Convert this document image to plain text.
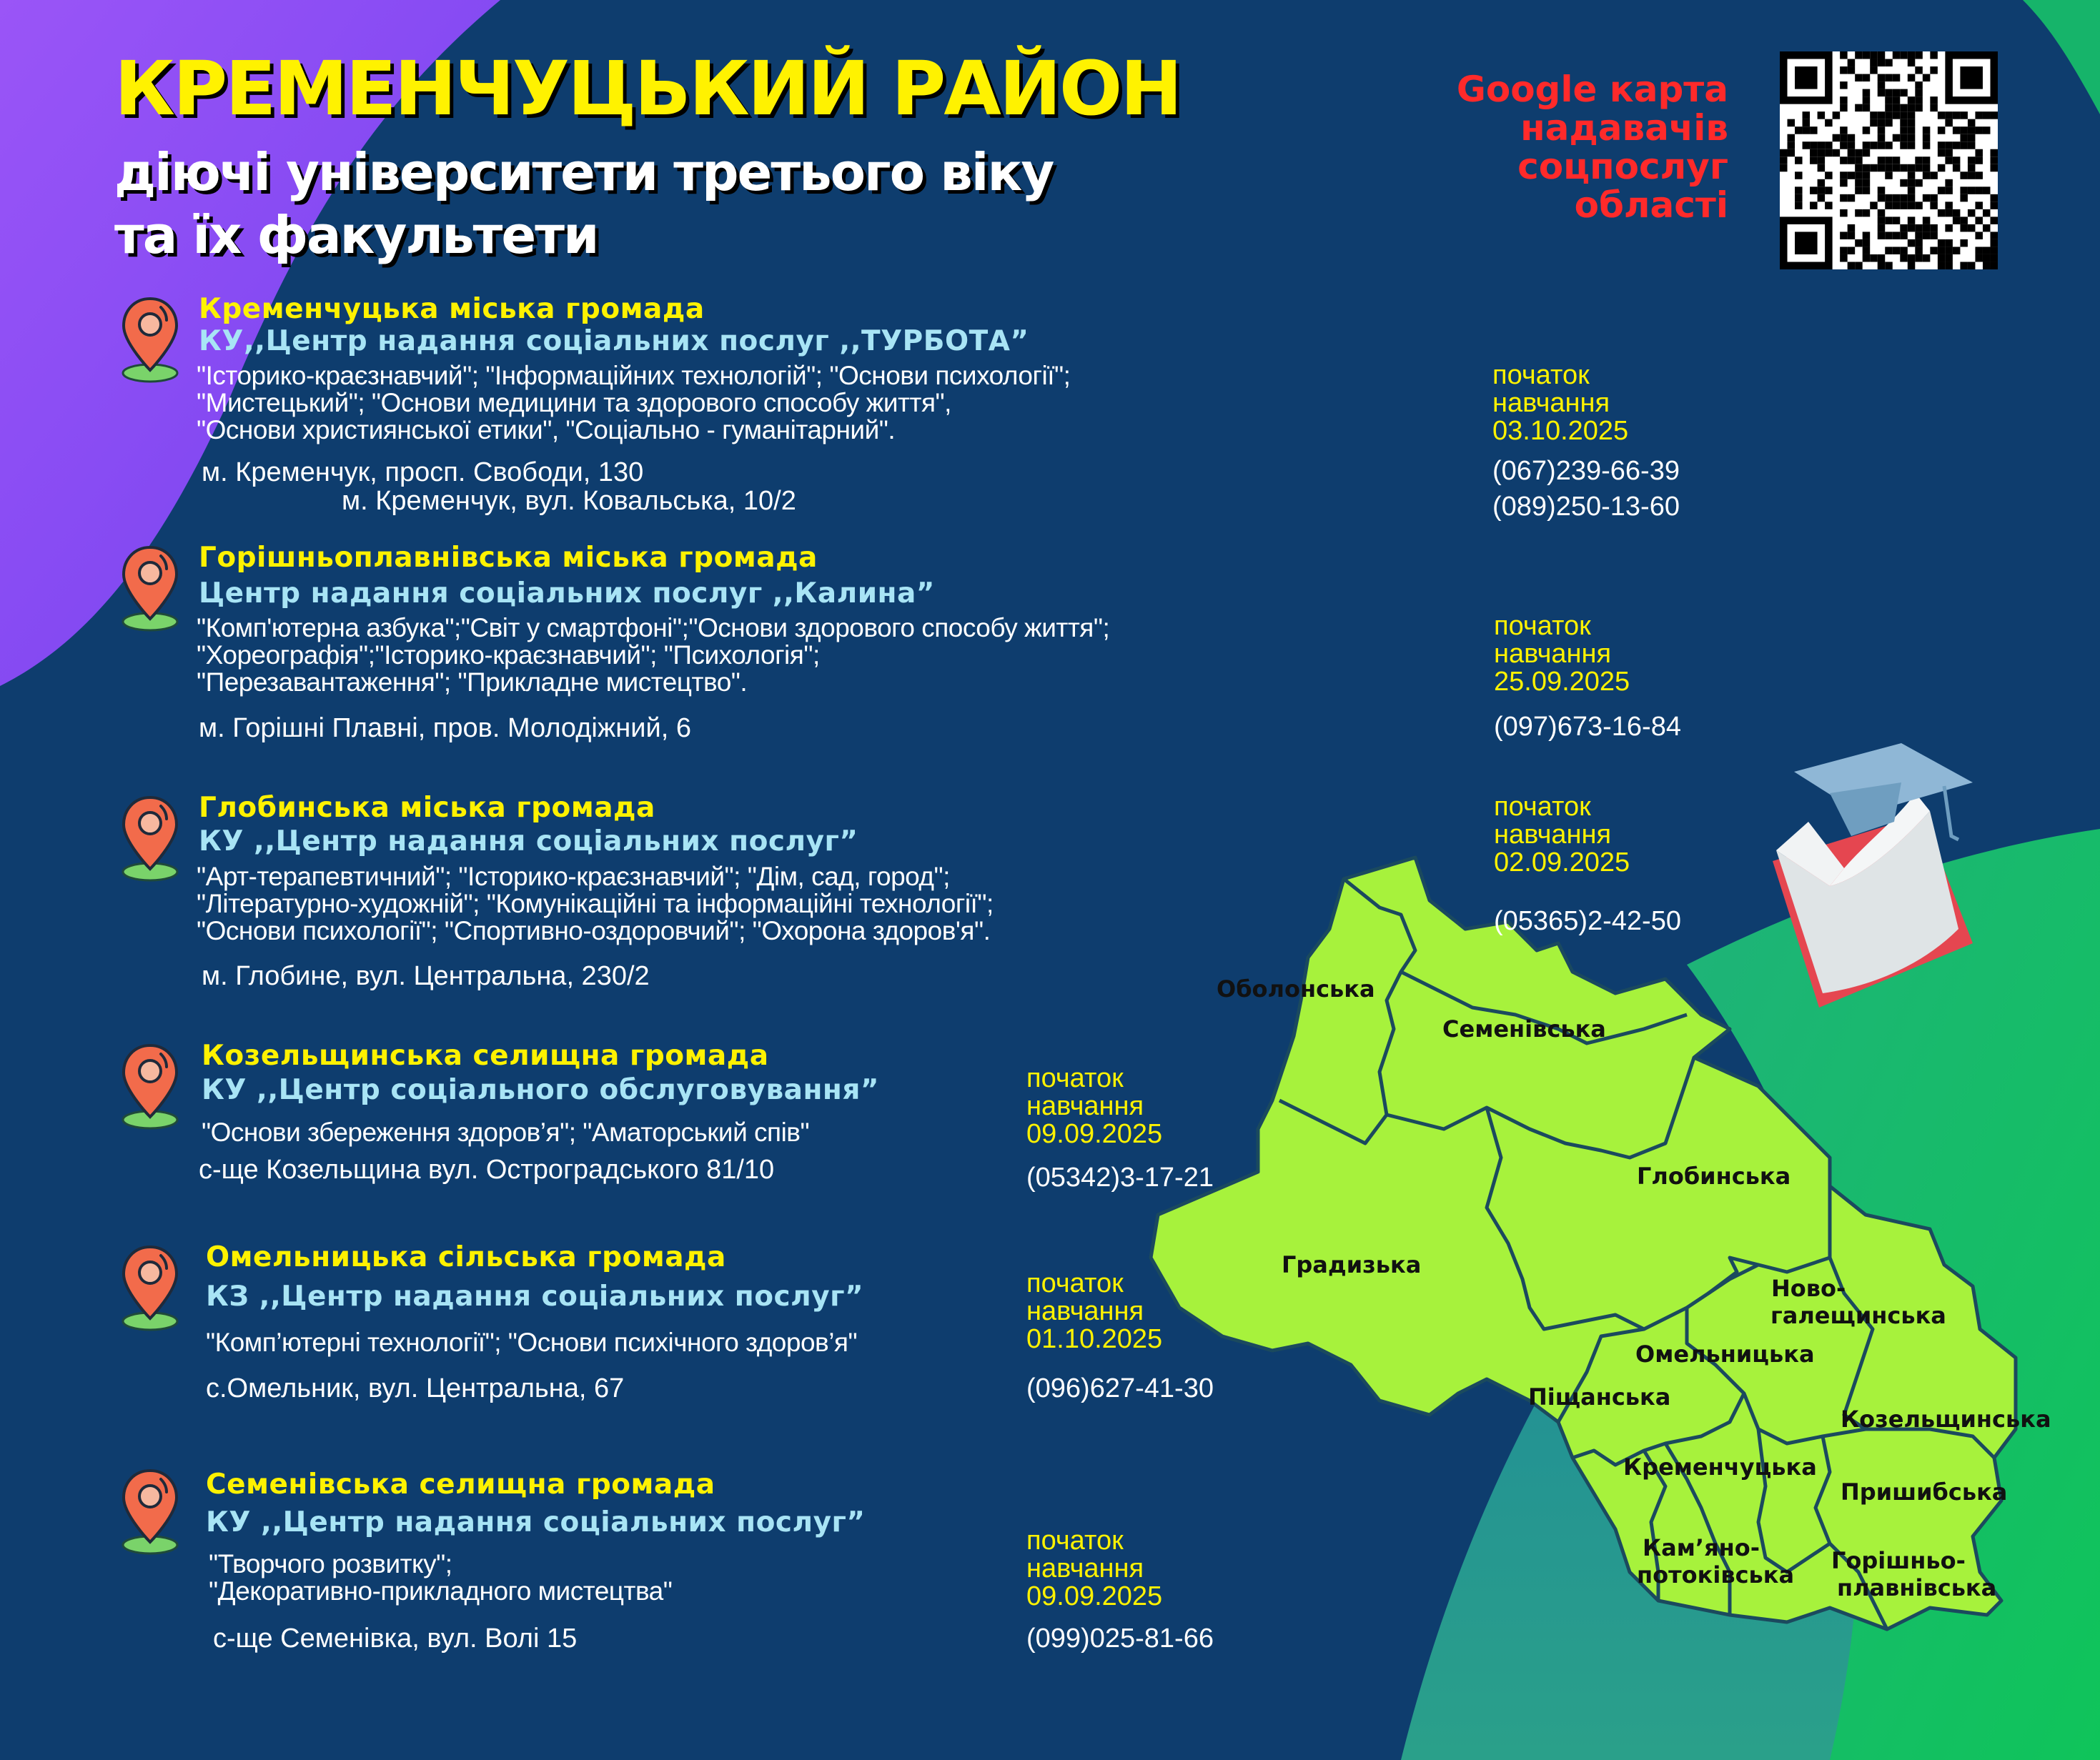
КРЕМЕНЧУЦЬКИЙ РАЙОН
діючі університети третього віку
та їх факультети
Google карта
надавачів
соцпослуг
області
Кременчуцька міська громада
КУ,,Центр надання соціальних послуг ,,ТУРБОТА”
"Історико-краєзнавчий"; "Інформаційних технологій"; "Основи психології";
"Мистецький"; "Основи медицини та здорового способу життя",
"Основи християнської етики", "Соціально - гуманітарний".
м. Кременчук, просп. Свободи, 130
м. Кременчук, вул. Ковальська, 10/2
початок
навчання
03.10.2025
(067)239-66-39
(089)250-13-60
Горішньоплавнівська міська громада
Центр надання соціальних послуг ,,Калина”
"Комп'ютерна азбука";"Світ у смартфоні";"Основи здорового способу життя";
"Хореографія";"Історико-краєзнавчий"; "Психологія";
"Перезавантаження"; "Прикладне мистецтво".
м. Горішні Плавні, пров. Молодіжний, 6
початок
навчання
25.09.2025
(097)673-16-84
Глобинська міська громада
КУ ,,Центр надання соціальних послуг”
"Арт-терапевтичний"; "Історико-краєзнавчий"; "Дім, сад, город";
"Літературно-художній"; "Комунікаційні та інформаційні технології";
"Основи психології"; "Спортивно-оздоровчий"; "Охорона здоров'я".
м. Глобине, вул. Центральна, 230/2
початок
навчання
02.09.2025
(05365)2-42-50
Козельщинська селищна громада
КУ ,,Центр соціального обслуговування”
"Основи збереження здоров’я"; "Аматорський спів"
с-ще Козельщина вул. Остроградського 81/10
початок
навчання
09.09.2025
(05342)3-17-21
Омельницька сільська громада
КЗ ,,Центр надання соціальних послуг”
"Комп’ютерні технології"; "Основи психічного здоров’я"
с.Омельник, вул. Центральна, 67
початок
навчання
01.10.2025
(096)627-41-30
Семенівська селищна громада
КУ ,,Центр надання соціальних послуг”
"Творчого розвитку";
"Декоративно-прикладного мистецтва"
с-ще Семенівка, вул. Волі 15
початок
навчання
09.09.2025
(099)025-81-66
Оболонська
Семенівська
Глобинська
Градизька
Ново-
галещинська
Омельницька
Піщанська
Козельщинська
Кременчуцька
Пришибська
Кам’яно-
потоківська
Горішньо-
плавнівська
